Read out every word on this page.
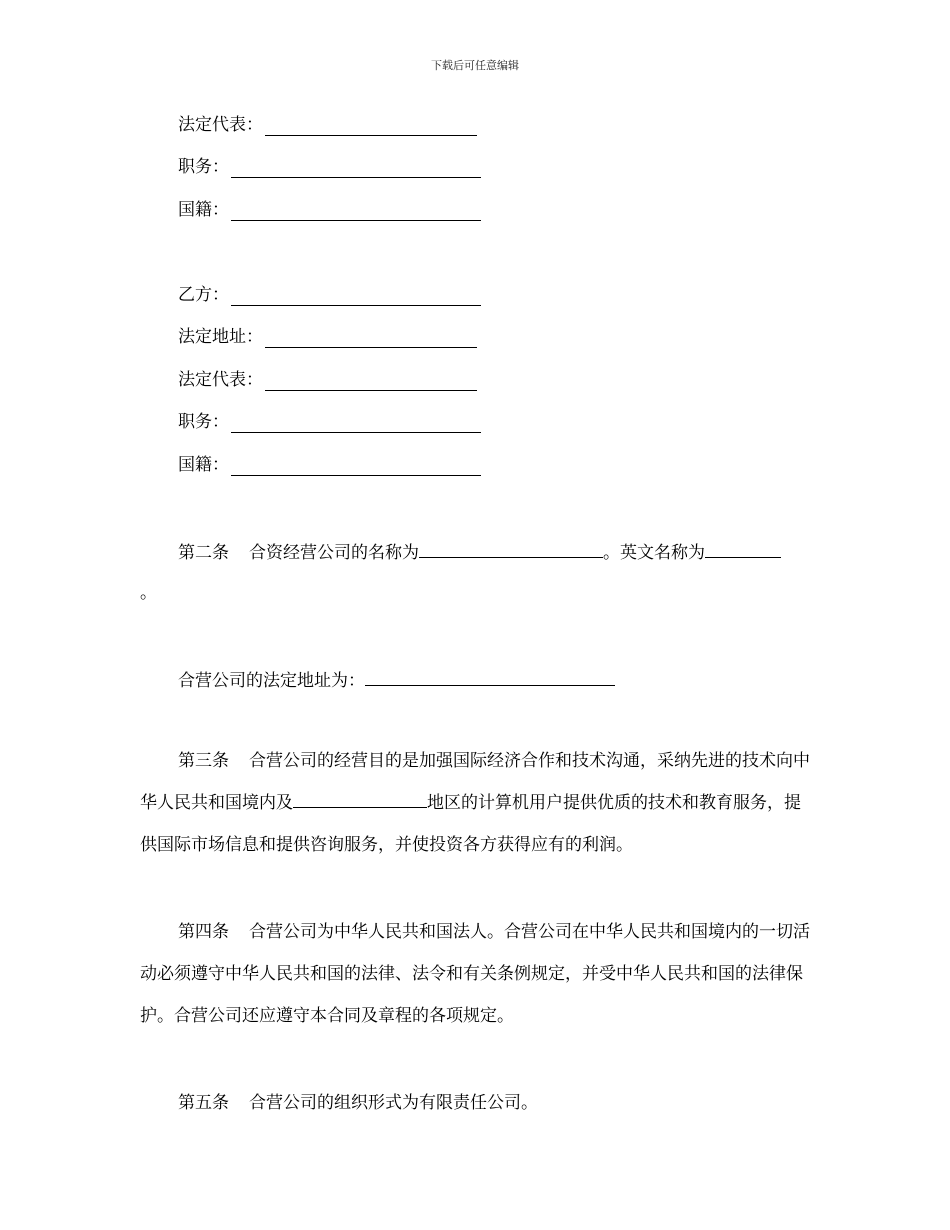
下载后可任意编辑
法定代表：
职务：
国籍：
乙方：
法定地址：
法定代表：
职务：
国籍：
第二条 合资经营公司的名称为	。英文名称为
。
合营公司的法定地址为：
第三条 合营公司的经营目的是加强国际经济合作和技术沟通，采纳先进的技术向中华人民共和国境内及	地区的计算机用户提供优质的技术和教育服务，提供国际市场信息和提供咨询服务，并使投资各方获得应有的利润。
第四条 合营公司为中华人民共和国法人。合营公司在中华人民共和国境内的一切活动必须遵守中华人民共和国的法律、法令和有关条例规定，并受中华人民共和国的法律保护。合营公司还应遵守本合同及章程的各项规定。
第五条 合营公司的组织形式为有限责任公司。
